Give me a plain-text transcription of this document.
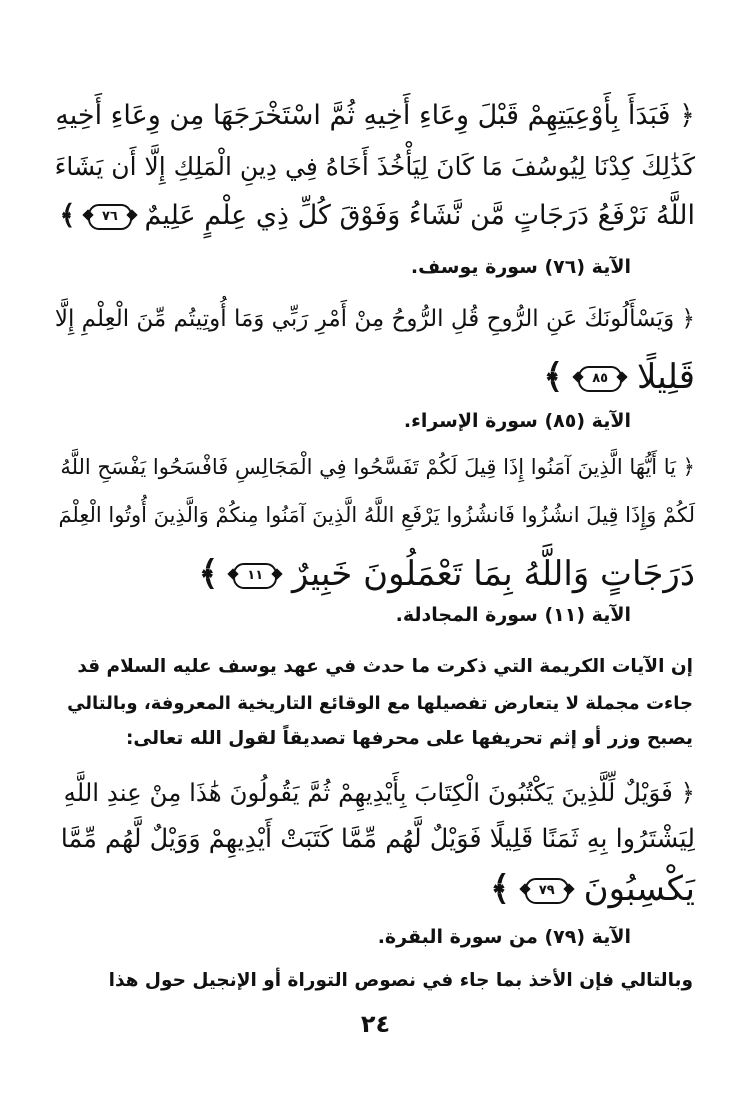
﴿ فَبَدَأَ بِأَوْعِيَتِهِمْ قَبْلَ وِعَاءِ أَخِيهِ ثُمَّ اسْتَخْرَجَهَا مِن وِعَاءِ أَخِيهِ
كَذَٰلِكَ كِدْنَا لِيُوسُفَ مَا كَانَ لِيَأْخُذَ أَخَاهُ فِي دِينِ الْمَلِكِ إِلَّا أَن يَشَاءَ
اللَّهُ نَرْفَعُ دَرَجَاتٍ مَّن نَّشَاءُ وَفَوْقَ كُلِّ ذِي عِلْمٍ عَلِيمٌ ٧٦ ﴾
الآية (٧٦) سورة يوسف.
﴿ وَيَسْأَلُونَكَ عَنِ الرُّوحِ قُلِ الرُّوحُ مِنْ أَمْرِ رَبِّي وَمَا أُوتِيتُم مِّنَ الْعِلْمِ إِلَّا
قَلِيلًا ٨٥ ﴾
الآية (٨٥) سورة الإسراء.
﴿ يَا أَيُّهَا الَّذِينَ آمَنُوا إِذَا قِيلَ لَكُمْ تَفَسَّحُوا فِي الْمَجَالِسِ فَافْسَحُوا يَفْسَحِ اللَّهُ
لَكُمْ وَإِذَا قِيلَ انشُزُوا فَانشُزُوا يَرْفَعِ اللَّهُ الَّذِينَ آمَنُوا مِنكُمْ وَالَّذِينَ أُوتُوا الْعِلْمَ
دَرَجَاتٍ وَاللَّهُ بِمَا تَعْمَلُونَ خَبِيرٌ ١١ ﴾
الآية (١١) سورة المجادلة.
إن الآيات الكريمة التي ذكرت ما حدث في عهد يوسف عليه السلام قد
جاءت مجملة لا يتعارض تفصيلها مع الوقائع التاريخية المعروفة، وبالتالي
يصبح وزر أو إثم تحريفها على محرفها تصديقاً لقول الله تعالى:
﴿ فَوَيْلٌ لِّلَّذِينَ يَكْتُبُونَ الْكِتَابَ بِأَيْدِيهِمْ ثُمَّ يَقُولُونَ هَٰذَا مِنْ عِندِ اللَّهِ
لِيَشْتَرُوا بِهِ ثَمَنًا قَلِيلًا فَوَيْلٌ لَّهُم مِّمَّا كَتَبَتْ أَيْدِيهِمْ وَوَيْلٌ لَّهُم مِّمَّا
يَكْسِبُونَ ٧٩ ﴾
الآية (٧٩) من سورة البقرة.
وبالتالي فإن الأخذ بما جاء في نصوص التوراة أو الإنجيل حول هذا
٢٤
